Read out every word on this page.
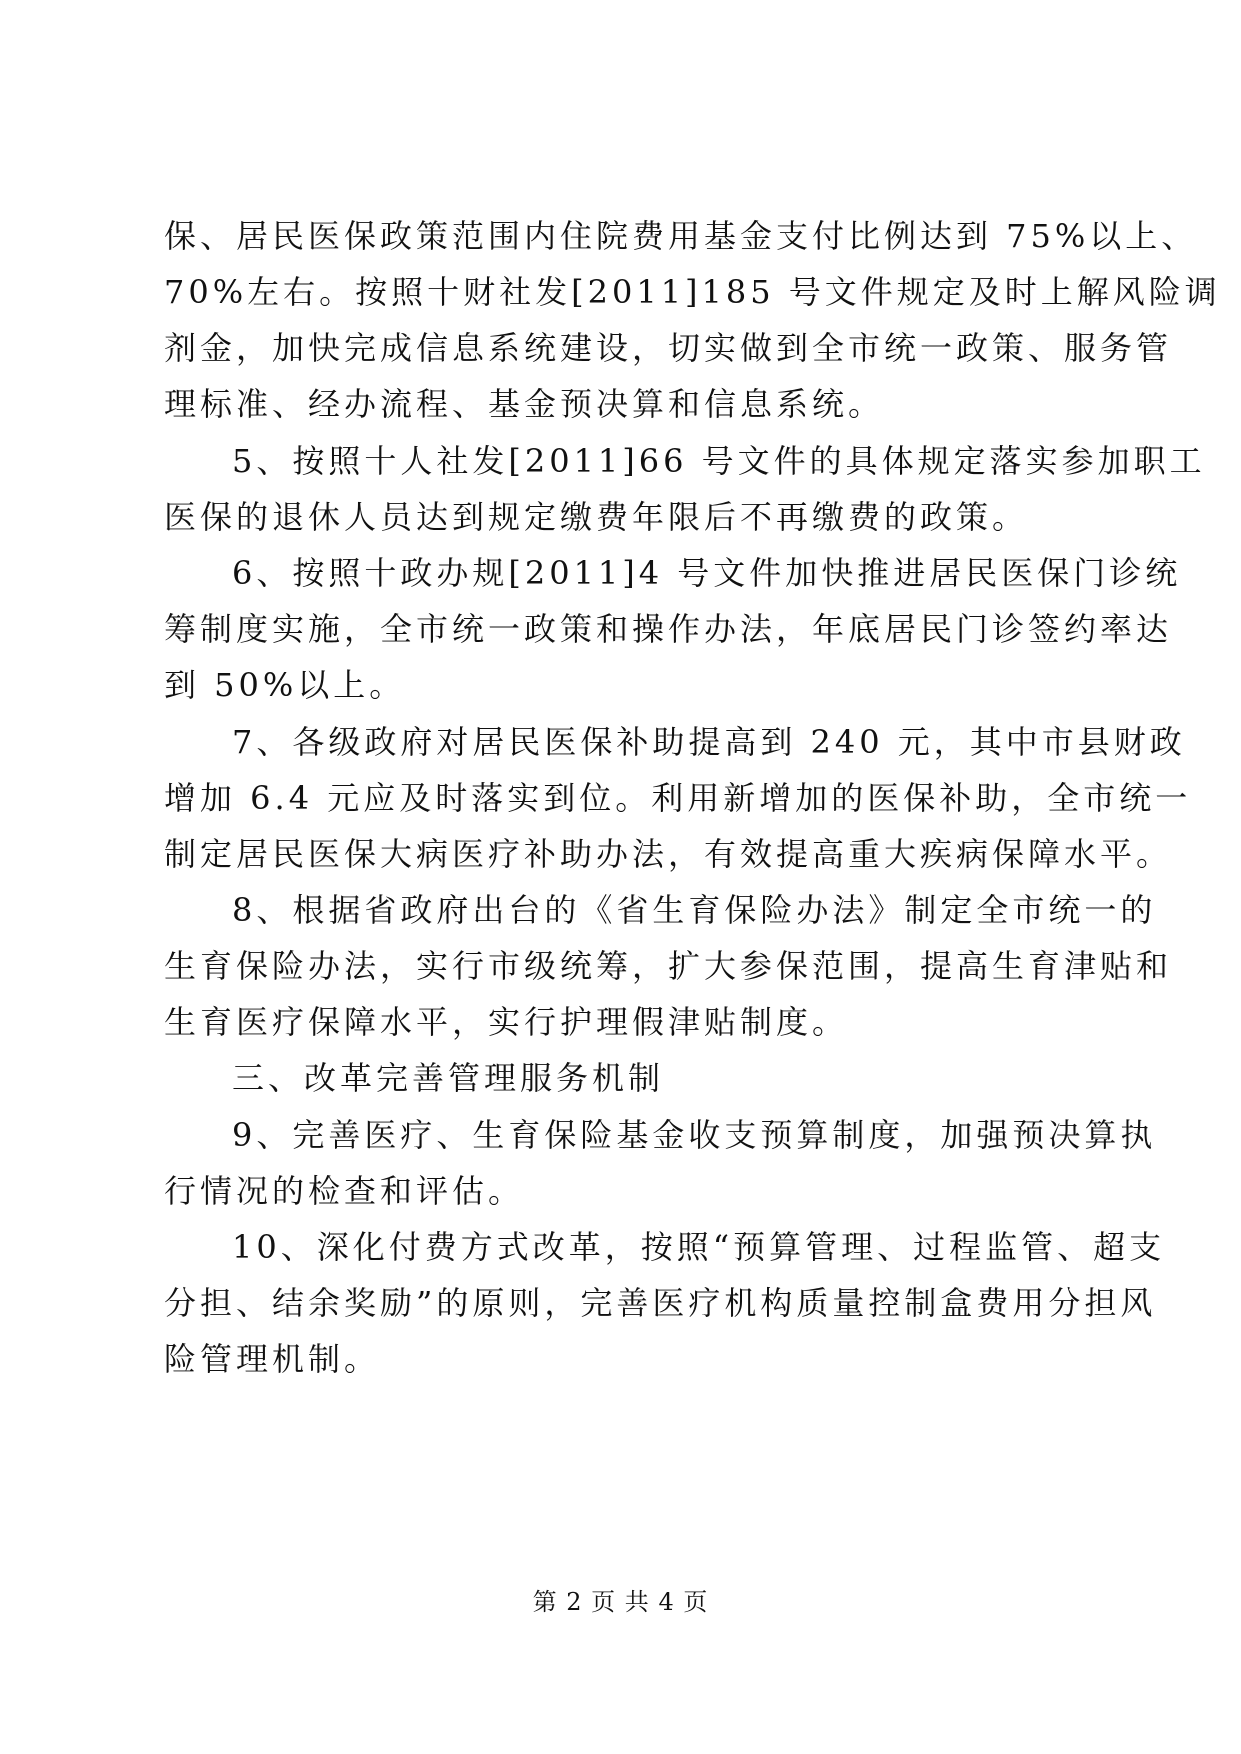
保、居民医保政策范围内住院费用基金支付比例达到 75%以上、
70%左右。按照十财社发[2011]185 号文件规定及时上解风险调
剂金，加快完成信息系统建设，切实做到全市统一政策、服务管
理标准、经办流程、基金预决算和信息系统。
5、按照十人社发[2011]66 号文件的具体规定落实参加职工
医保的退休人员达到规定缴费年限后不再缴费的政策。
6、按照十政办规[2011]4 号文件加快推进居民医保门诊统
筹制度实施，全市统一政策和操作办法，年底居民门诊签约率达
到 50%以上。
7、各级政府对居民医保补助提高到 240 元，其中市县财政
增加 6.4 元应及时落实到位。利用新增加的医保补助，全市统一
制定居民医保大病医疗补助办法，有效提高重大疾病保障水平。
8、根据省政府出台的《省生育保险办法》制定全市统一的
生育保险办法，实行市级统筹，扩大参保范围，提高生育津贴和
生育医疗保障水平，实行护理假津贴制度。
三、改革完善管理服务机制
9、完善医疗、生育保险基金收支预算制度，加强预决算执
行情况的检查和评估。
10、深化付费方式改革，按照“预算管理、过程监管、超支
分担、结余奖励”的原则，完善医疗机构质量控制盒费用分担风
险管理机制。
第 2 页 共 4 页
